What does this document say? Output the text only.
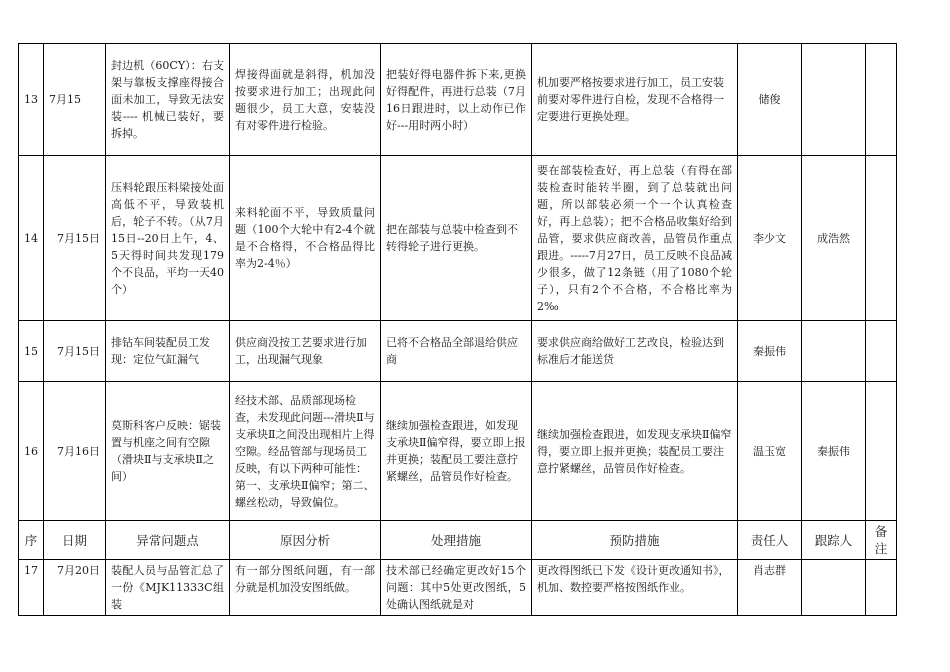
13	7月15	封边机（60CY）：右支架与靠板支撑座得接合面未加工，导致无法安装---- 机械已装好，要拆掉。	焊接得面就是斜得，机加没按要求进行加工；出现此问题很少，员工大意，安装没有对零件进行检验。	把装好得电器件拆下来,更换好得配件，再进行总装（7月16日跟进时，以上动作已作好---用时两小时）	机加要严格按要求进行加工，员工安装前要对零件进行自检，发现不合格得一定要进行更换处理。	储俊		
14	7月15日	压料轮跟压料梁接处面高低不平，导致装机后，轮子不转。（从7月15日--20日上午，4、5天得时间共发现179个不良品，平均一天40个）	来料轮面不平，导致质量问题（100个大轮中有2-4个就是不合格得，不合格品得比率为2-4％）	把在部装与总装中检查到不转得轮子进行更换。	要在部装检查好，再上总装（有得在部装检查时能转半圈，到了总装就出问题，所以部装必须一个一个认真检查好，再上总装）；把不合格品收集好给到品管，要求供应商改善，品管员作重点跟进。-----7月27日，员工反映不良品减少很多，做了12条链（用了1080个轮子），只有2个不合格，不合格比率为2‰	李少文	成浩然	
15	7月15日	排钻车间装配员工发现：定位气缸漏气	供应商没按工艺要求进行加工，出现漏气现象	已将不合格品全部退给供应商	要求供应商给做好工艺改良，检验达到标准后才能送货	秦振伟		
16	7月16日	莫斯科客户反映：锯装置与机座之间有空隙（滑块Ⅱ与支承块Ⅱ之间）	经技术部、品质部现场检查，未发现此问题---滑块Ⅱ与支承块Ⅱ之间没出现相片上得空隙。经品管部与现场员工反映，有以下两种可能性：第一、支承块Ⅱ偏窄；第二、螺丝松动，导致偏位。	继续加强检查跟进，如发现支承块Ⅱ偏窄得，要立即上报并更换；装配员工要注意拧紧螺丝，品管员作好检查。	继续加强检查跟进，如发现支承块Ⅱ偏窄得，要立即上报并更换；装配员工要注意拧紧螺丝，品管员作好检查。	温玉宽	秦振伟	
序	日期	异常问题点	原因分析	处理措施	预防措施	责任人	跟踪人	备注
17	7月20日	装配人员与品管汇总了一份《MJK11333C组装	有一部分图纸问题，有一部分就是机加没安图纸做。	技术部已经确定更改好15个问题：其中5处更改图纸，5处确认图纸就是对	更改得图纸已下发《设计更改通知书》，机加、数控要严格按图纸作业。	肖志群		
